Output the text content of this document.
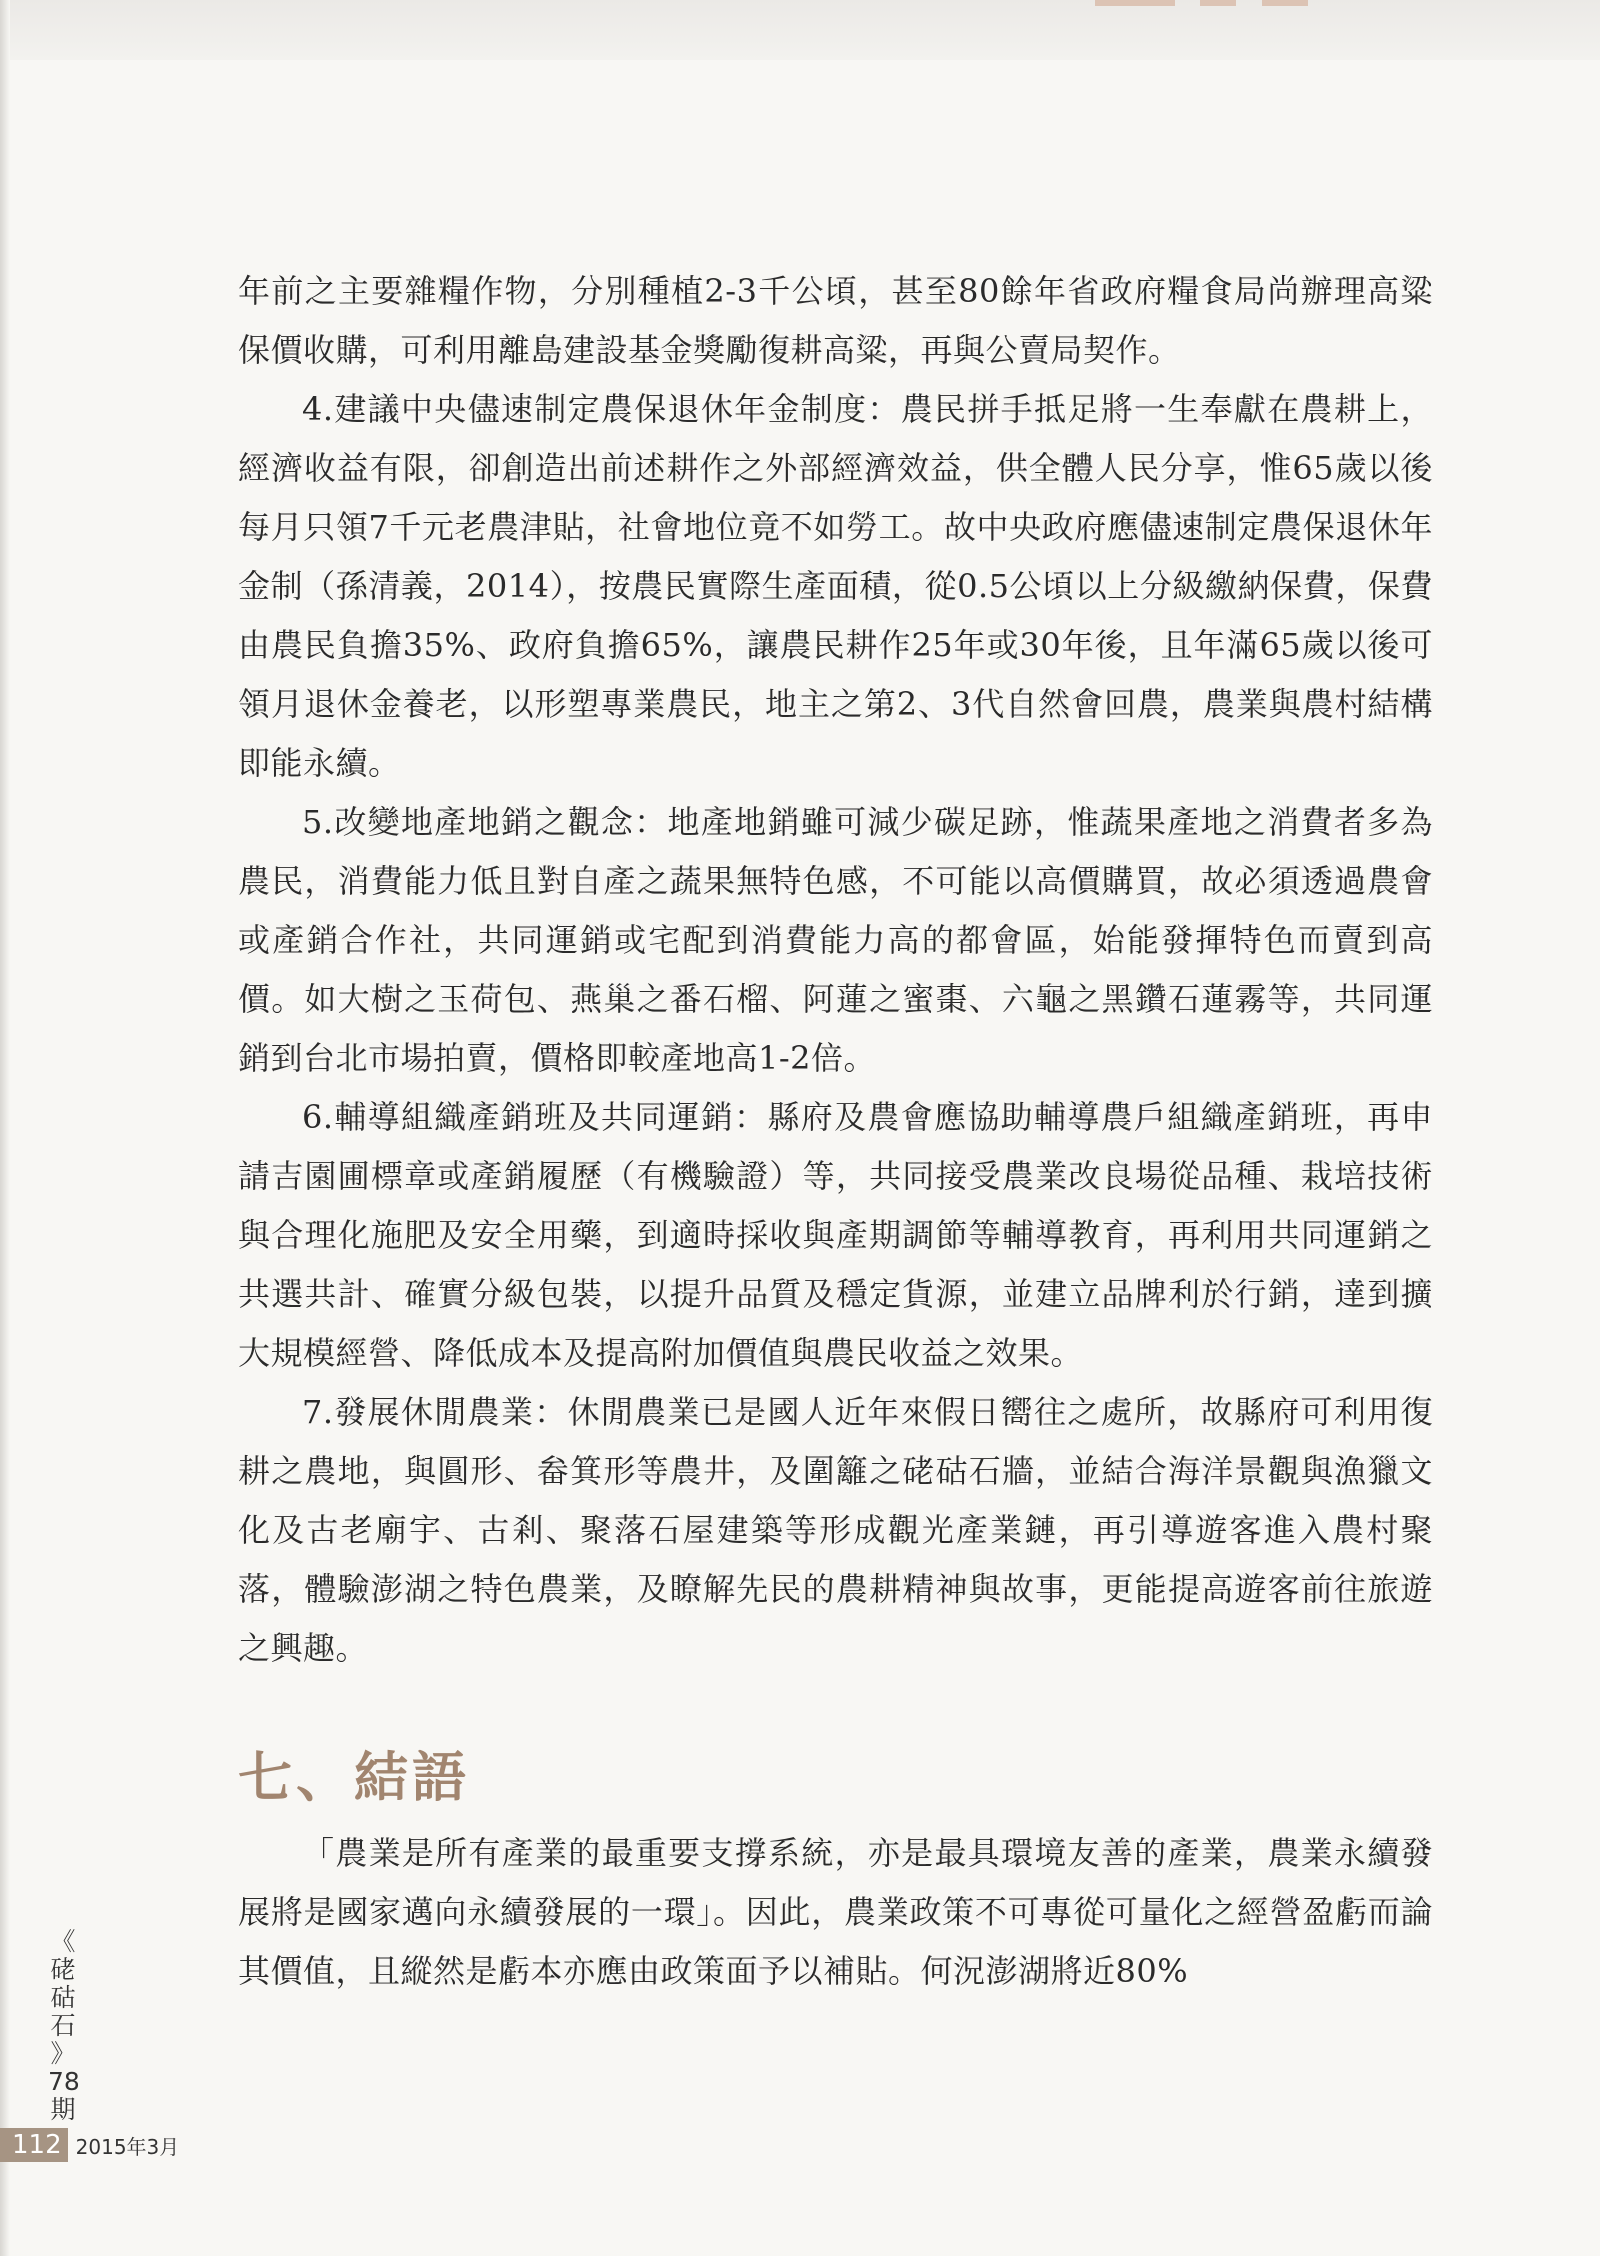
年前之主要雜糧作物，分別種植2-3千公頃，甚至80餘年省政府糧食局尚辦理高粱保價收購，可利用離島建設基金獎勵復耕高粱，再與公賣局契作。

4.建議中央儘速制定農保退休年金制度：農民拼手抵足將一生奉獻在農耕上，經濟收益有限，卻創造出前述耕作之外部經濟效益，供全體人民分享，惟65歲以後每月只領7千元老農津貼，社會地位竟不如勞工。故中央政府應儘速制定農保退休年金制（孫清義，2014），按農民實際生產面積，從0.5公頃以上分級繳納保費，保費由農民負擔35%、政府負擔65%，讓農民耕作25年或30年後，且年滿65歲以後可領月退休金養老，以形塑專業農民，地主之第2、3代自然會回農，農業與農村結構即能永續。

5.改變地產地銷之觀念：地產地銷雖可減少碳足跡，惟蔬果產地之消費者多為農民，消費能力低且對自產之蔬果無特色感，不可能以高價購買，故必須透過農會或產銷合作社，共同運銷或宅配到消費能力高的都會區，始能發揮特色而賣到高價。如大樹之玉荷包、燕巢之番石榴、阿蓮之蜜棗、六龜之黑鑽石蓮霧等，共同運銷到台北市場拍賣，價格即較產地高1-2倍。

6.輔導組織產銷班及共同運銷：縣府及農會應協助輔導農戶組織產銷班，再申請吉園圃標章或產銷履歷（有機驗證）等，共同接受農業改良場從品種、栽培技術與合理化施肥及安全用藥，到適時採收與產期調節等輔導教育，再利用共同運銷之共選共計、確實分級包裝，以提升品質及穩定貨源，並建立品牌利於行銷，達到擴大規模經營、降低成本及提高附加價值與農民收益之效果。

7.發展休閒農業：休閒農業已是國人近年來假日嚮往之處所，故縣府可利用復耕之農地，與圓形、畚箕形等農井，及圍籬之硓𥑮石牆，並結合海洋景觀與漁獵文化及古老廟宇、古剎、聚落石屋建築等形成觀光產業鏈，再引導遊客進入農村聚落，體驗澎湖之特色農業，及瞭解先民的農耕精神與故事，更能提高遊客前往旅遊之興趣。

七、結語

「農業是所有產業的最重要支撐系統，亦是最具環境友善的產業，農業永續發展將是國家邁向永續發展的一環」。因此，農業政策不可專從可量化之經營盈虧而論其價值，且縱然是虧本亦應由政策面予以補貼。何況澎湖將近80%

《
硓
𥑮
石
》
78
期
112 2015年3月
